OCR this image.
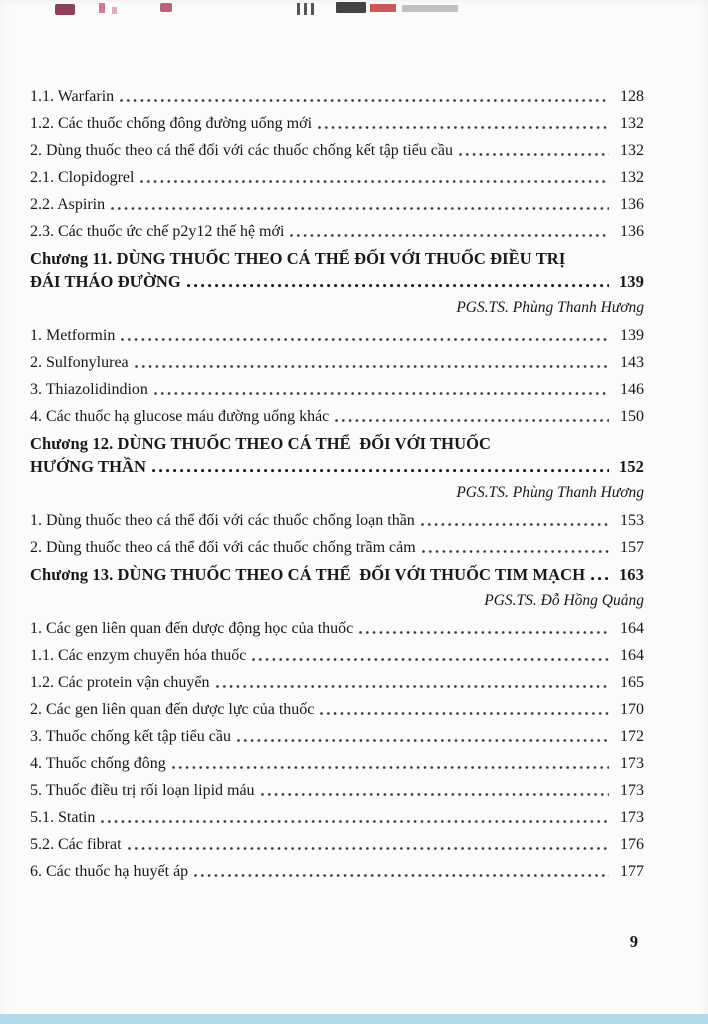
1.1. Warfarin	128
1.2. Các thuốc chống đông đường uống mới	132
2. Dùng thuốc theo cá thể đối với các thuốc chống kết tập tiểu cầu	132
2.1. Clopidogrel	132
2.2. Aspirin	136
2.3. Các thuốc ức chế p2y12 thế hệ mới	136
Chương 11. DÙNG THUỐC THEO CÁ THỂ ĐỐI VỚI THUỐC ĐIỀU TRỊ
ĐÁI THÁO ĐƯỜNG	139
PGS.TS. Phùng Thanh Hương
1. Metformin	139
2. Sulfonylurea	143
3. Thiazolidindion	146
4. Các thuốc hạ glucose máu đường uống khác	150
Chương 12. DÙNG THUỐC THEO CÁ THỂ  ĐỐI VỚI THUỐC
HƯỚNG THẦN	152
PGS.TS. Phùng Thanh Hương
1. Dùng thuốc theo cá thể đối với các thuốc chống loạn thần	153
2. Dùng thuốc theo cá thể đối với các thuốc chống trầm cảm	157
Chương 13. DÙNG THUỐC THEO CÁ THỂ  ĐỐI VỚI THUỐC TIM MẠCH	163
PGS.TS. Đỗ Hồng Quảng
1. Các gen liên quan đến dược động học của thuốc	164
1.1. Các enzym chuyển hóa thuốc	164
1.2. Các protein vận chuyển	165
2. Các gen liên quan đến dược lực của thuốc	170
3. Thuốc chống kết tập tiểu cầu	172
4. Thuốc chống đông	173
5. Thuốc điều trị rối loạn lipid máu	173
5.1. Statin	173
5.2. Các fibrat	176
6. Các thuốc hạ huyết áp	177
9
